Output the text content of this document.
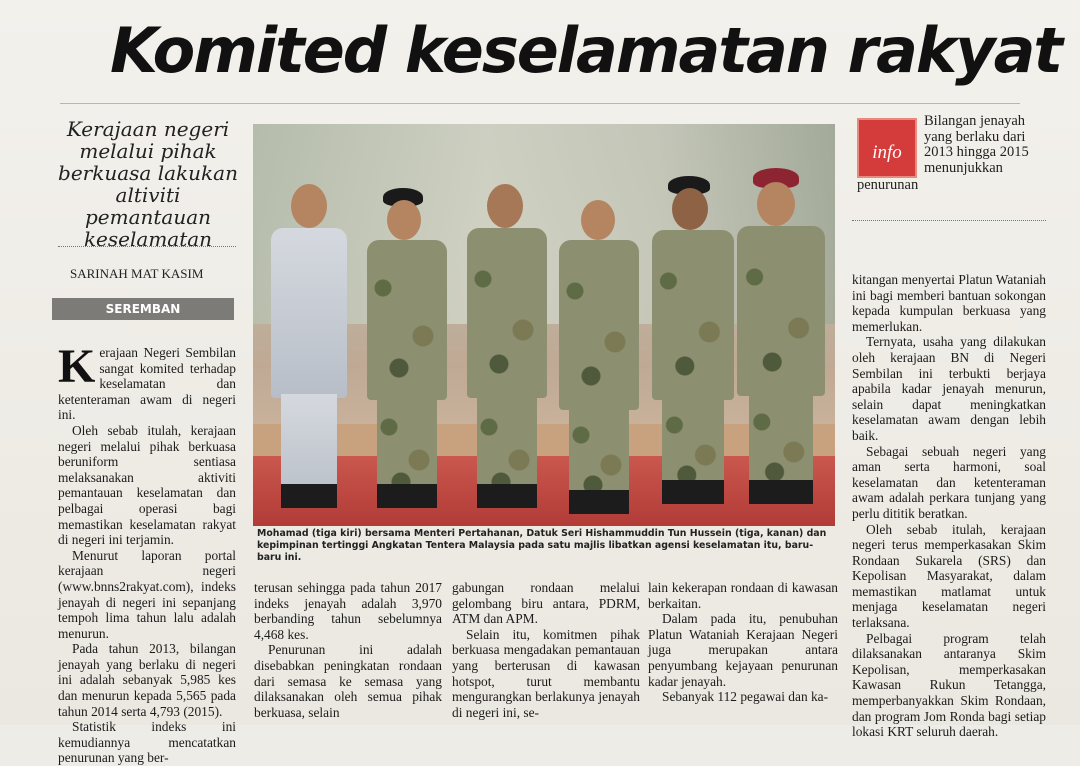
Komited keselamatan rakyat
Kerajaan negeri melalui pihak berkuasa lakukan altiviti pemantauan keselamatan
SARINAH MAT KASIM
SEREMBAN
Mohamad (tiga kiri) bersama Menteri Pertahanan, Datuk Seri Hishammuddin Tun Hussein (tiga, kanan) dan kepimpinan tertinggi Angkatan Tentera Malaysia pada satu majlis libatkan agensi keselamatan itu, baru-baru ini.
info
Bilangan jenayah yang berlaku dari 2013 hingga 2015 menunjukkan
penurunan

Kerajaan Negeri Sembilan sangat komited terhadap keselamatan dan ketenteraman awam di negeri ini.

Oleh sebab itulah, kerajaan negeri melalui pihak berkuasa beruniform sentiasa melaksanakan aktiviti pemantauan keselamatan dan pelbagai operasi bagi memastikan keselamatan rakyat di negeri ini terjamin.

Menurut laporan portal kerajaan negeri (www.bnns2rakyat.com), indeks jenayah di negeri ini sepanjang tempoh lima tahun lalu adalah menurun.

Pada tahun 2013, bilangan jenayah yang berlaku di negeri ini adalah sebanyak 5,985 kes dan menurun kepada 5,565 pada tahun 2014 serta 4,793 (2015).

Statistik indeks ini kemudiannya mencatatkan penurunan yang ber-

terusan sehingga pada tahun 2017 indeks jenayah adalah 3,970 berbanding tahun sebelumnya 4,468 kes.

Penurunan ini adalah disebabkan peningkatan rondaan dari semasa ke semasa yang dilaksanakan oleh semua pihak berkuasa, selain

gabungan rondaan melalui gelombang biru antara, PDRM, ATM dan APM.

Selain itu, komitmen pihak berkuasa mengadakan pemantauan yang berterusan di kawasan hotspot, turut membantu mengurangkan berlakunya jenayah di negeri ini, se-

lain kekerapan rondaan di kawasan berkaitan.

Dalam pada itu, penubuhan Platun Wataniah Kerajaan Negeri juga merupakan antara penyumbang kejayaan penurunan kadar jenayah.

Sebanyak 112 pegawai dan ka-

kitangan menyertai Platun Wataniah ini bagi memberi bantuan sokongan kepada kumpulan berkuasa yang memerlukan.

Ternyata, usaha yang dilakukan oleh kerajaan BN di Negeri Sembilan ini terbukti berjaya apabila kadar jenayah menurun, selain dapat meningkatkan keselamatan awam dengan lebih baik.

Sebagai sebuah negeri yang aman serta harmoni, soal keselamatan dan ketenteraman awam adalah perkara tunjang yang perlu dititik beratkan.

Oleh sebab itulah, kerajaan negeri terus memperkasakan Skim Rondaan Sukarela (SRS) dan Kepolisan Masyarakat, dalam memastikan matlamat untuk menjaga keselamatan negeri terlaksana.

Pelbagai program telah dilaksanakan antaranya Skim Kepolisan, memperkasakan Kawasan Rukun Tetangga, memperbanyakkan Skim Rondaan, dan program Jom Ronda bagi setiap lokasi KRT seluruh daerah.
